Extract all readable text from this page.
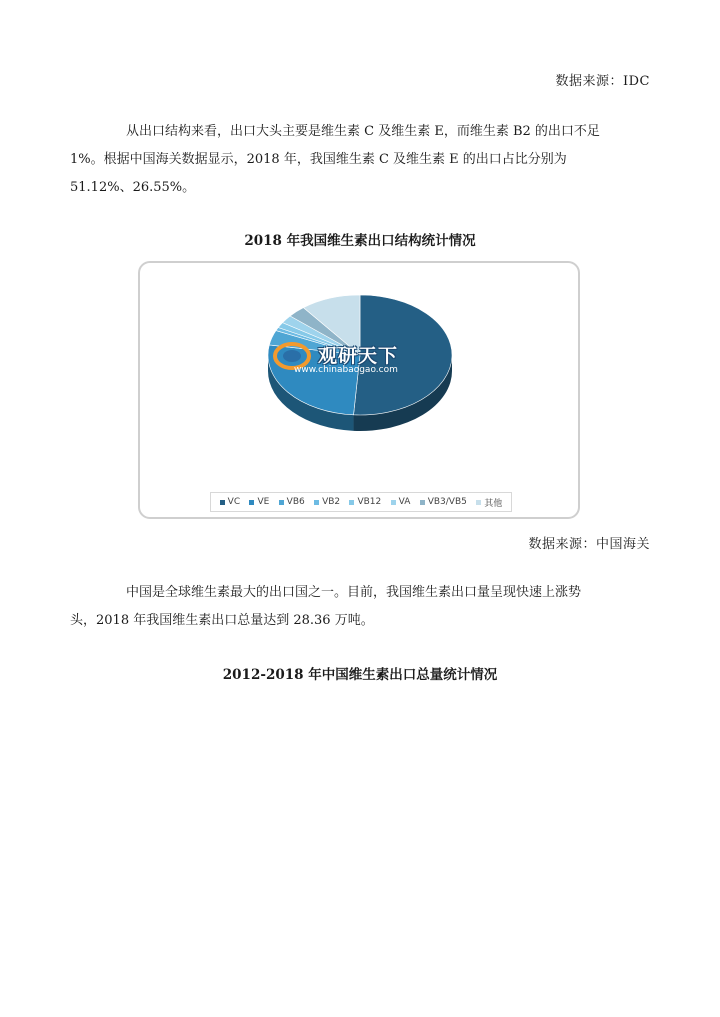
数据来源：IDC

从出口结构来看，出口大头主要是维生素 C 及维生素 E，而维生素 B2 的出口不足
1%。根据中国海关数据显示，2018 年，我国维生素 C 及维生素 E 的出口占比分别为
51.12%、26.55%。

2018 年我国维生素出口结构统计情况
观研天下
www.chinabaogao.com
VC VE VB6 VB2 VB12 VA VB3/VB5 其他
数据来源：中国海关

中国是全球维生素最大的出口国之一。目前，我国维生素出口量呈现快速上涨势
头，2018 年我国维生素出口总量达到 28.36 万吨。

2012-2018 年中国维生素出口总量统计情况
